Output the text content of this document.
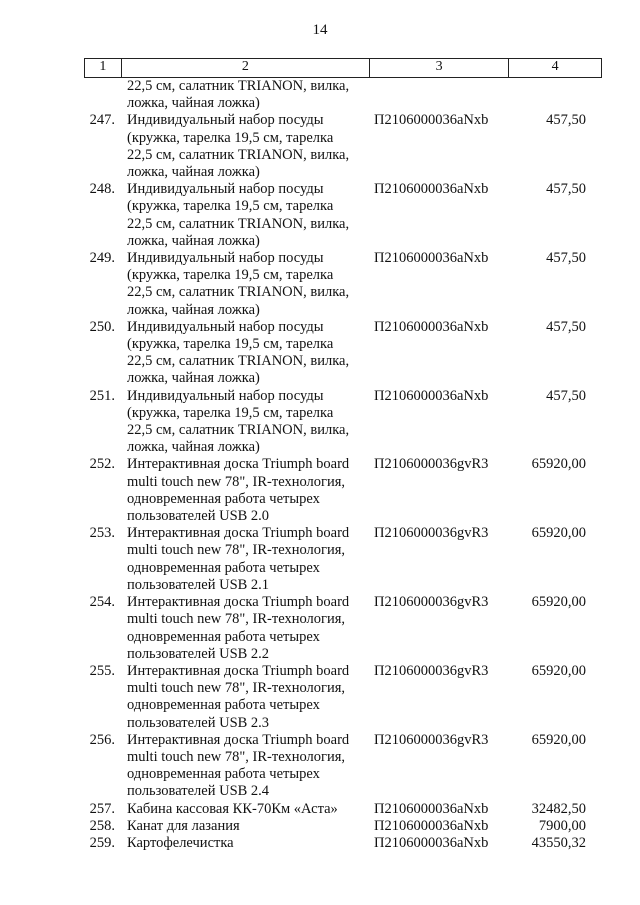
14
1	2	3	4
22,5 см, салатник TRIANON, вилка,
ложка, чайная ложка)
247. Индивидуальный набор посуды
(кружка, тарелка 19,5 см, тарелка
22,5 см, салатник TRIANON, вилка,
ложка, чайная ложка)
П2106000036aNxb	457,50
248. Индивидуальный набор посуды
(кружка, тарелка 19,5 см, тарелка
22,5 см, салатник TRIANON, вилка,
ложка, чайная ложка)
П2106000036aNxb	457,50
249. Индивидуальный набор посуды
(кружка, тарелка 19,5 см, тарелка
22,5 см, салатник TRIANON, вилка,
ложка, чайная ложка)
П2106000036aNxb	457,50
250. Индивидуальный набор посуды
(кружка, тарелка 19,5 см, тарелка
22,5 см, салатник TRIANON, вилка,
ложка, чайная ложка)
П2106000036aNxb	457,50
251. Индивидуальный набор посуды
(кружка, тарелка 19,5 см, тарелка
22,5 см, салатник TRIANON, вилка,
ложка, чайная ложка)
П2106000036aNxb	457,50
252. Интерактивная доска Triumph board
multi touch new 78", IR-технология,
одновременная работа четырех
пользователей USB 2.0
П2106000036gvR3	65920,00
253. Интерактивная доска Triumph board
multi touch new 78", IR-технология,
одновременная работа четырех
пользователей USB 2.1
П2106000036gvR3	65920,00
254. Интерактивная доска Triumph board
multi touch new 78", IR-технология,
одновременная работа четырех
пользователей USB 2.2
П2106000036gvR3	65920,00
255. Интерактивная доска Triumph board
multi touch new 78", IR-технология,
одновременная работа четырех
пользователей USB 2.3
П2106000036gvR3	65920,00
256. Интерактивная доска Triumph board
multi touch new 78", IR-технология,
одновременная работа четырех
пользователей USB 2.4
П2106000036gvR3	65920,00
257. Кабина кассовая КК-70Км «Аста»	П2106000036aNxb	32482,50
258. Канат для лазания	П2106000036aNxb	7900,00
259. Картофелечистка	П2106000036aNxb	43550,32
